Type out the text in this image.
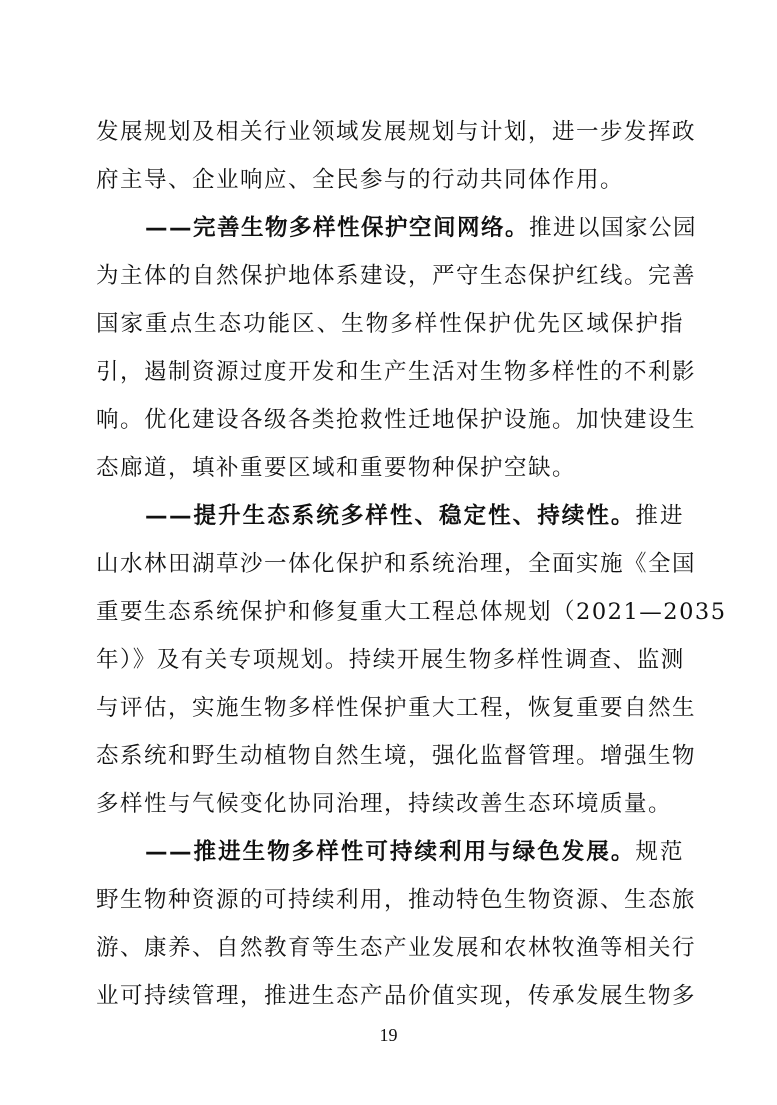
发展规划及相关行业领域发展规划与计划，进一步发挥政
府主导、企业响应、全民参与的行动共同体作用。
——完善生物多样性保护空间网络。推进以国家公园
为主体的自然保护地体系建设，严守生态保护红线。完善
国家重点生态功能区、生物多样性保护优先区域保护指
引，遏制资源过度开发和生产生活对生物多样性的不利影
响。优化建设各级各类抢救性迁地保护设施。加快建设生
态廊道，填补重要区域和重要物种保护空缺。
——提升生态系统多样性、稳定性、持续性。推进
山水林田湖草沙一体化保护和系统治理，全面实施《全国
重要生态系统保护和修复重大工程总体规划（2021—2035
年）》及有关专项规划。持续开展生物多样性调查、监测
与评估，实施生物多样性保护重大工程，恢复重要自然生
态系统和野生动植物自然生境，强化监督管理。增强生物
多样性与气候变化协同治理，持续改善生态环境质量。
——推进生物多样性可持续利用与绿色发展。规范
野生物种资源的可持续利用，推动特色生物资源、生态旅
游、康养、自然教育等生态产业发展和农林牧渔等相关行
业可持续管理，推进生态产品价值实现，传承发展生物多
19
